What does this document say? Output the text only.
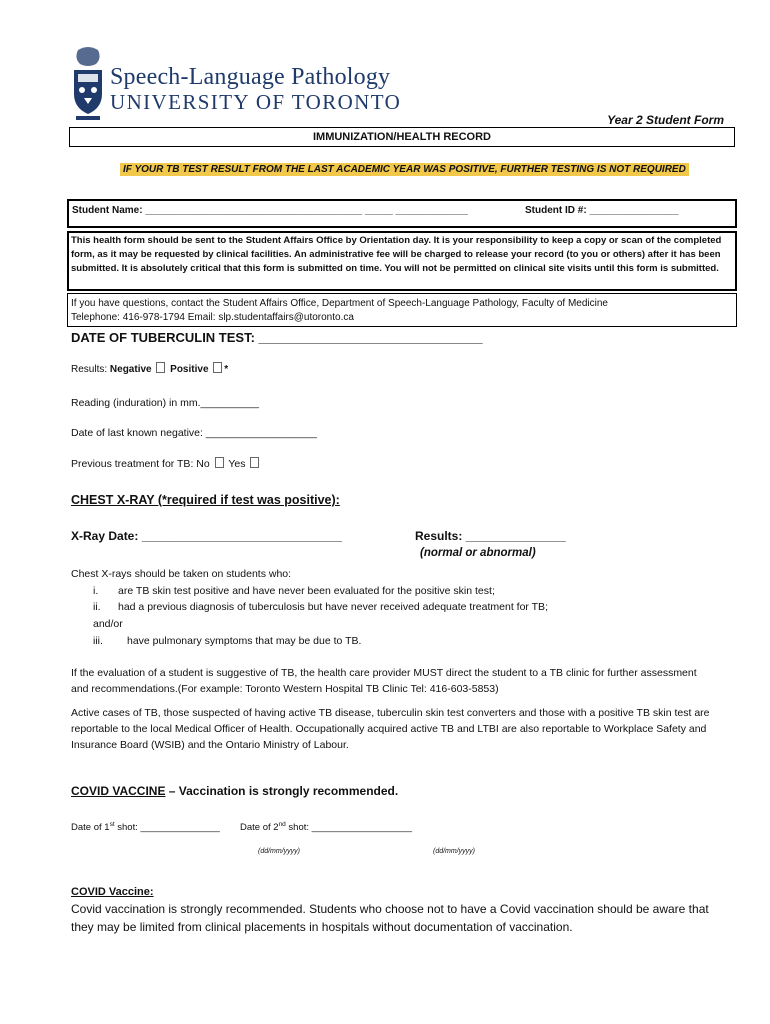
Speech-Language Pathology
UNIVERSITY OF TORONTO
Year 2 Student Form
IMMUNIZATION/HEALTH RECORD
IF YOUR TB TEST RESULT FROM THE LAST ACADEMIC YEAR WAS POSITIVE, FURTHER TESTING IS NOT REQUIRED
Student Name: _______________________________________ _____ _____________	Student ID #: ________________
This health form should be sent to the Student Affairs Office by Orientation day. It is your responsibility to keep a copy or scan of the completed form, as it may be requested by clinical facilities. An administrative fee will be charged to release your record (to you or others) after it has been submitted. It is absolutely critical that this form is submitted on time. You will not be permitted on clinical site visits until this form is submitted.
If you have questions, contact the Student Affairs Office, Department of Speech-Language Pathology, Faculty of Medicine
Telephone: 416-978-1794 Email: slp.studentaffairs@utoronto.ca
DATE OF TUBERCULIN TEST: _______________________________
Results: Negative Positive *
Reading (induration) in mm.__________
Date of last known negative: ___________________
Previous treatment for TB: No Yes
CHEST X-RAY (*required if test was positive):
X-Ray Date: ______________________________	Results: _______________
(normal or abnormal)
Chest X-rays should be taken on students who:
i. are TB skin test positive and have never been evaluated for the positive skin test;
ii. had a previous diagnosis of tuberculosis but have never received adequate treatment for TB;
and/or
iii. have pulmonary symptoms that may be due to TB.
If the evaluation of a student is suggestive of TB, the health care provider MUST direct the student to a TB clinic for further assessment and recommendations.(For example: Toronto Western Hospital TB Clinic Tel: 416-603-5853)
Active cases of TB, those suspected of having active TB disease, tuberculin skin test converters and those with a positive TB skin test are reportable to the local Medical Officer of Health. Occupationally acquired active TB and LTBI are also reportable to Workplace Safety and Insurance Board (WSIB) and the Ontario Ministry of Labour.
COVID VACCINE – Vaccination is strongly recommended.
Date of 1st shot: _______________ Date of 2nd shot: ___________________
(dd/mm/yyyy)	(dd/mm/yyyy)
COVID Vaccine:
Covid vaccination is strongly recommended. Students who choose not to have a Covid vaccination should be aware that they may be limited from clinical placements in hospitals without documentation of vaccination.
